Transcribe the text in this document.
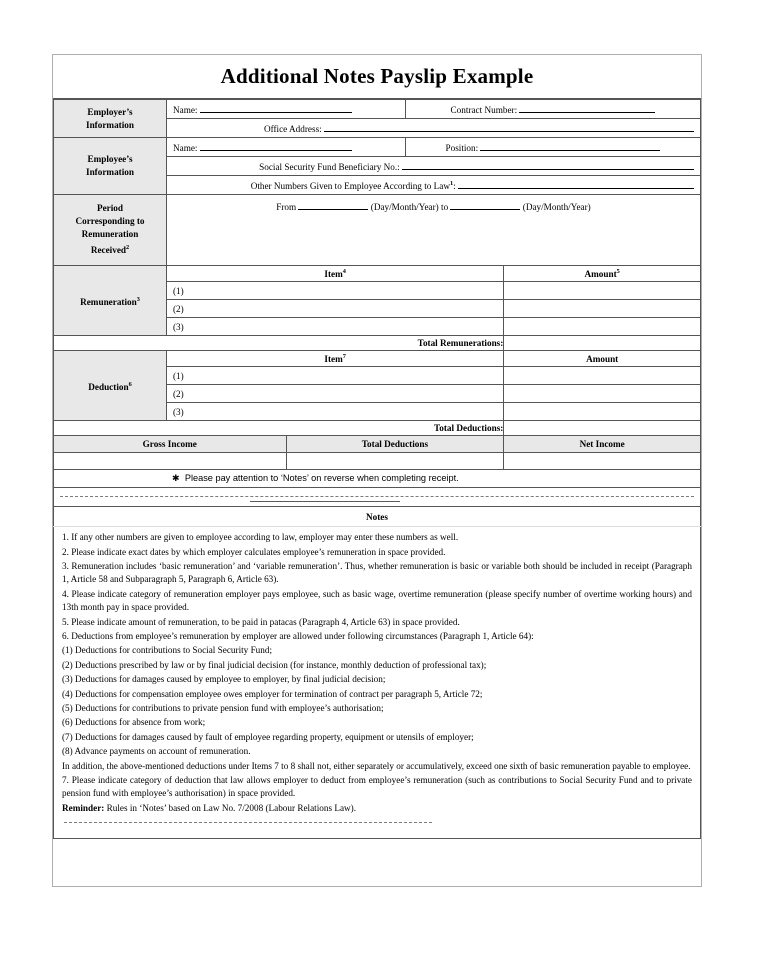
Additional Notes Payslip Example
Employer’s
Information	Name:		Contract Number:	
	Office Address:			
Employee’s
Information	Name:		Position:	
	Social Security Fund Beneficiary No.:			
	Other Numbers Given to Employee According to Law$^1$:			
Period
Corresponding to
Remuneration
Received$^2$	From (Day/Month/Year) to (Day/Month/Year)			
Remuneration$^3$	Item$^4$			Amount$^5$
	(1)			
	(2)			
	(3)			
Total Remunerations:				
Deduction$^6$	Item$^7$			Amount
	(1)			
	(2)			
	(3)			
Total Deductions:				
Gross Income		Total Deductions		Net Income

✱ Please pay attention to ‘Notes’ on reverse when completing receipt.				

Notes				

1. If any other numbers are given to employee according to law, employer may enter these numbers as well.

2. Please indicate exact dates by which employer calculates employee’s remuneration in space provided.

3. Remuneration includes ‘basic remuneration’ and ‘variable remuneration’. Thus, whether remuneration is basic or variable both should be included in receipt (Paragraph 1, Article 58 and Subparagraph 5, Paragraph 6, Article 63).

4. Please indicate category of remuneration employer pays employee, such as basic wage, overtime remuneration (please specify number of overtime working hours) and 13th month pay in space provided.

5. Please indicate amount of remuneration, to be paid in patacas (Paragraph 4, Article 63) in space provided.

6. Deductions from employee’s remuneration by employer are allowed under following circumstances (Paragraph 1, Article 64):

(1) Deductions for contributions to Social Security Fund;

(2) Deductions prescribed by law or by final judicial decision (for instance, monthly deduction of professional tax);

(3) Deductions for damages caused by employee to employer, by final judicial decision;

(4) Deductions for compensation employee owes employer for termination of contract per paragraph 5, Article 72;

(5) Deductions for contributions to private pension fund with employee’s authorisation;

(6) Deductions for absence from work;

(7) Deductions for damages caused by fault of employee regarding property, equipment or utensils of employer;

(8) Advance payments on account of remuneration.

In addition, the above-mentioned deductions under Items 7 to 8 shall not, either separately or accumulatively, exceed one sixth of basic remuneration payable to employee.

7. Please indicate category of deduction that law allows employer to deduct from employee’s remuneration (such as contributions to Social Security Fund and to private pension fund with employee’s authorisation) in space provided.

Reminder: Rules in ‘Notes’ based on Law No. 7/2008 (Labour Relations Law).
